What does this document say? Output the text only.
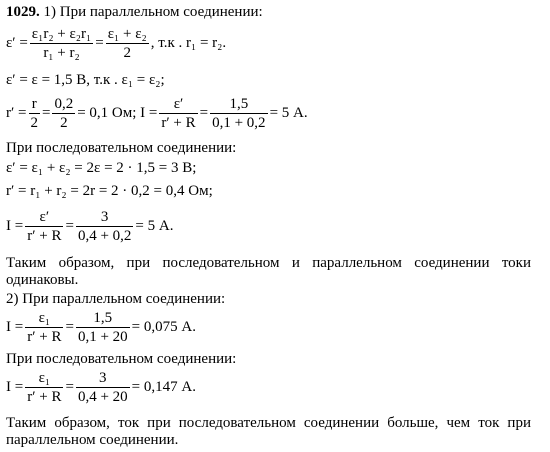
1029. 1) При параллельном соединении:
$\varepsilon' = \frac{\text{ε₁r₂ + ε₂r₁}}{\text{r₁ + r₂}} = \frac{\text{ε₁ + ε₂}}{2}$ , т.к . r₁ = r₂.
ε′ = ε = 1,5 В, т.к . ε₁ = ε₂;
$r' = \frac{r}{2} = \frac{0,2}{2} = 0,1$ Ом; $I = \frac{\varepsilon'}{r' + R} = \frac{1,5}{0,1 + 0,2} = 5$ А.
При последовательном соединении:
ε′ = ε₁ + ε₂ = 2ε = 2 · 1,5 = 3 В;
r′ = r₁ + r₂ = 2r = 2 · 0,2 = 0,4 Ом;
$I = \frac{\varepsilon'}{r' + R} = \frac{3}{0,4 + 0,2} = 5$ А.
Таким образом, при последовательном и параллельном соединении токи одинаковы.
2) При параллельном соединении:
$I = \frac{\text{ε₁}}{r' + R} = \frac{1,5}{0,1 + 20} = 0,075$ А.
При последовательном соединении:
$I = \frac{\text{ε₁}}{r' + R} = \frac{3}{0,4 + 20} = 0,147$ А.
Таким образом, ток при последовательном соединении больше, чем ток при параллельном соединении.
